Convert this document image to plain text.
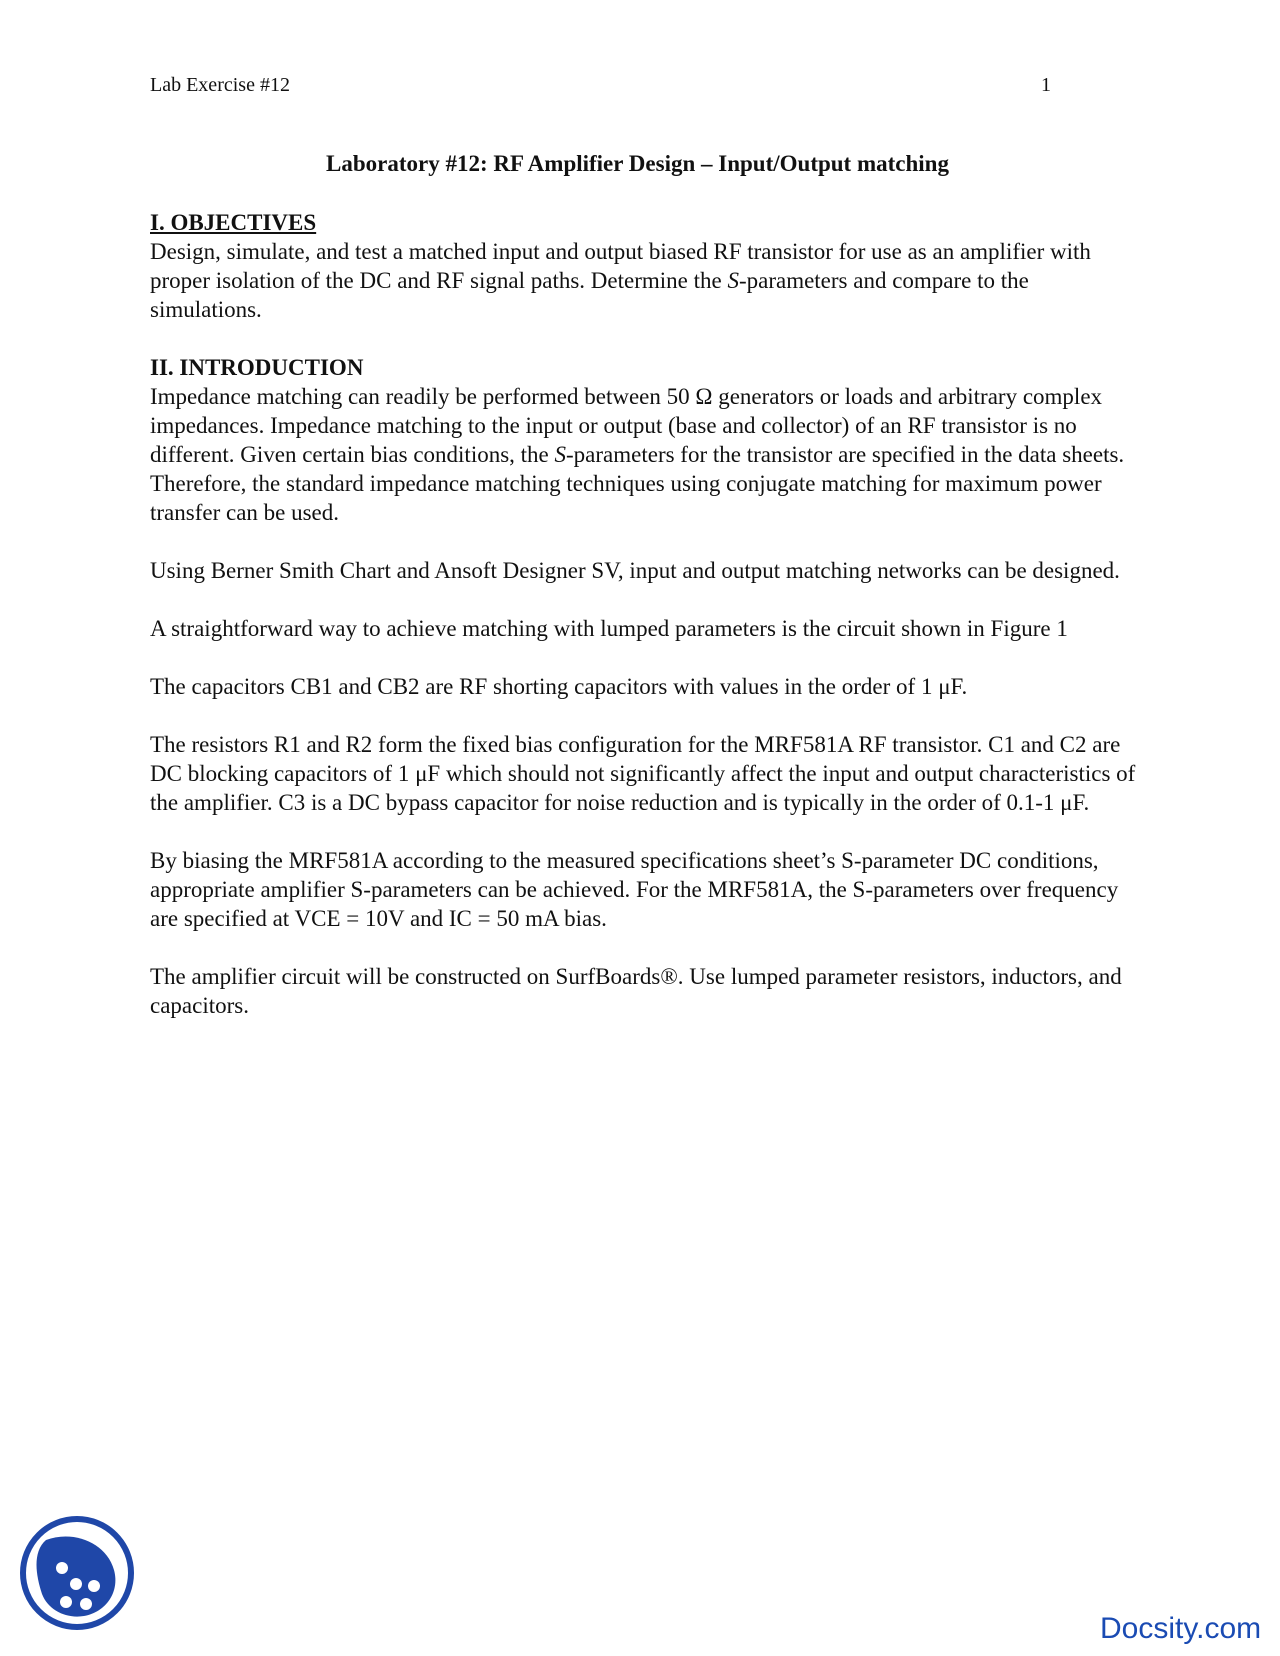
Lab Exercise #12	1
Laboratory #12: RF Amplifier Design – Input/Output matching

I. OBJECTIVES

Design, simulate, and test a matched input and output biased RF transistor for use as an amplifier with proper isolation of the DC and RF signal paths. Determine the S-parameters and compare to the simulations.

II. INTRODUCTION

Impedance matching can readily be performed between 50 Ω generators or loads and arbitrary complex impedances. Impedance matching to the input or output (base and collector) of an RF transistor is no different. Given certain bias conditions, the S-parameters for the transistor are specified in the data sheets. Therefore, the standard impedance matching techniques using conjugate matching for maximum power transfer can be used.

Using Berner Smith Chart and Ansoft Designer SV, input and output matching networks can be designed.

A straightforward way to achieve matching with lumped parameters is the circuit shown in Figure 1

The capacitors CB1 and CB2 are RF shorting capacitors with values in the order of 1 μF.

The resistors R1 and R2 form the fixed bias configuration for the MRF581A RF transistor. C1 and C2 are DC blocking capacitors of 1 μF which should not significantly affect the input and output characteristics of the amplifier. C3 is a DC bypass capacitor for noise reduction and is typically in the order of 0.1-1 μF.

By biasing the MRF581A according to the measured specifications sheet’s S-parameter DC conditions, appropriate amplifier S-parameters can be achieved. For the MRF581A, the S-parameters over frequency are specified at VCE = 10V and IC = 50 mA bias.

The amplifier circuit will be constructed on SurfBoards®. Use lumped parameter resistors, inductors, and capacitors.

Docsity.com
